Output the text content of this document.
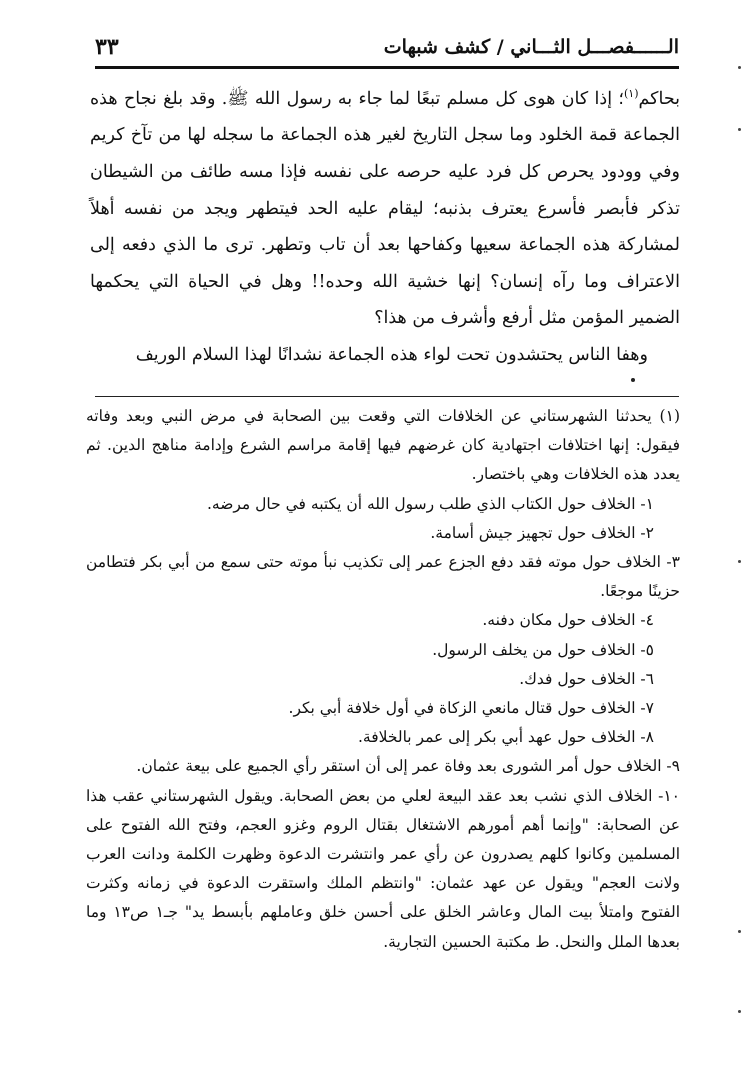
الــــــفصـــل الثـــاني / كشف شبهات
٣٣

بحاكم$^{(١)}$؛ إذا كان هوى كل مسلم تبعًا لما جاء به رسول الله ﷺ. وقد بلغ نجاح هذه الجماعة قمة الخلود وما سجل التاريخ لغير هذه الجماعة ما سجله لها من تآخ كريم وفي وودود يحرص كل فرد عليه حرصه على نفسه فإذا مسه طائف من الشيطان تذكر فأبصر فأسرع يعترف بذنبه؛ ليقام عليه الحد فيتطهر ويجد من نفسه أهلاً لمشاركة هذه الجماعة سعيها وكفاحها بعد أن تاب وتطهر. ترى ما الذي دفعه إلى الاعتراف وما رآه إنسان؟ إنها خشية الله وحده!! وهل في الحياة التي يحكمها الضمير المؤمن مثل أرفع وأشرف من هذا؟

وهفا الناس يحتشدون تحت لواء هذه الجماعة نشدانًا لهذا السلام الوريف

(١) يحدثنا الشهرستاني عن الخلافات التي وقعت بين الصحابة في مرض النبي وبعد وفاته فيقول: إنها اختلافات اجتهادية كان غرضهم فيها إقامة مراسم الشرع وإدامة مناهج الدين. ثم يعدد هذه الخلافات وهي باختصار.

١- الخلاف حول الكتاب الذي طلب رسول الله أن يكتبه في حال مرضه.

٢- الخلاف حول تجهيز جيش أسامة.

٣- الخلاف حول موته فقد دفع الجزع عمر إلى تكذيب نبأ موته حتى سمع من أبي بكر فتطامن حزينًا موجعًا.

٤- الخلاف حول مكان دفنه.

٥- الخلاف حول من يخلف الرسول.

٦- الخلاف حول فدك.

٧- الخلاف حول قتال مانعي الزكاة في أول خلافة أبي بكر.

٨- الخلاف حول عهد أبي بكر إلى عمر بالخلافة.

٩- الخلاف حول أمر الشورى بعد وفاة عمر إلى أن استقر رأي الجميع على بيعة عثمان.

١٠- الخلاف الذي نشب بعد عقد البيعة لعلي من بعض الصحابة. ويقول الشهرستاني عقب هذا عن الصحابة: "وإنما أهم أمورهم الاشتغال بقتال الروم وغزو العجم، وفتح الله الفتوح على المسلمين وكانوا كلهم يصدرون عن رأي عمر وانتشرت الدعوة وظهرت الكلمة ودانت العرب ولانت العجم" ويقول عن عهد عثمان: "وانتظم الملك واستقرت الدعوة في زمانه وكثرت الفتوح وامتلأ بيت المال وعاشر الخلق على أحسن خلق وعاملهم بأبسط يد" جـ١ ص١٣ وما بعدها الملل والنحل. ط مكتبة الحسين التجارية.
